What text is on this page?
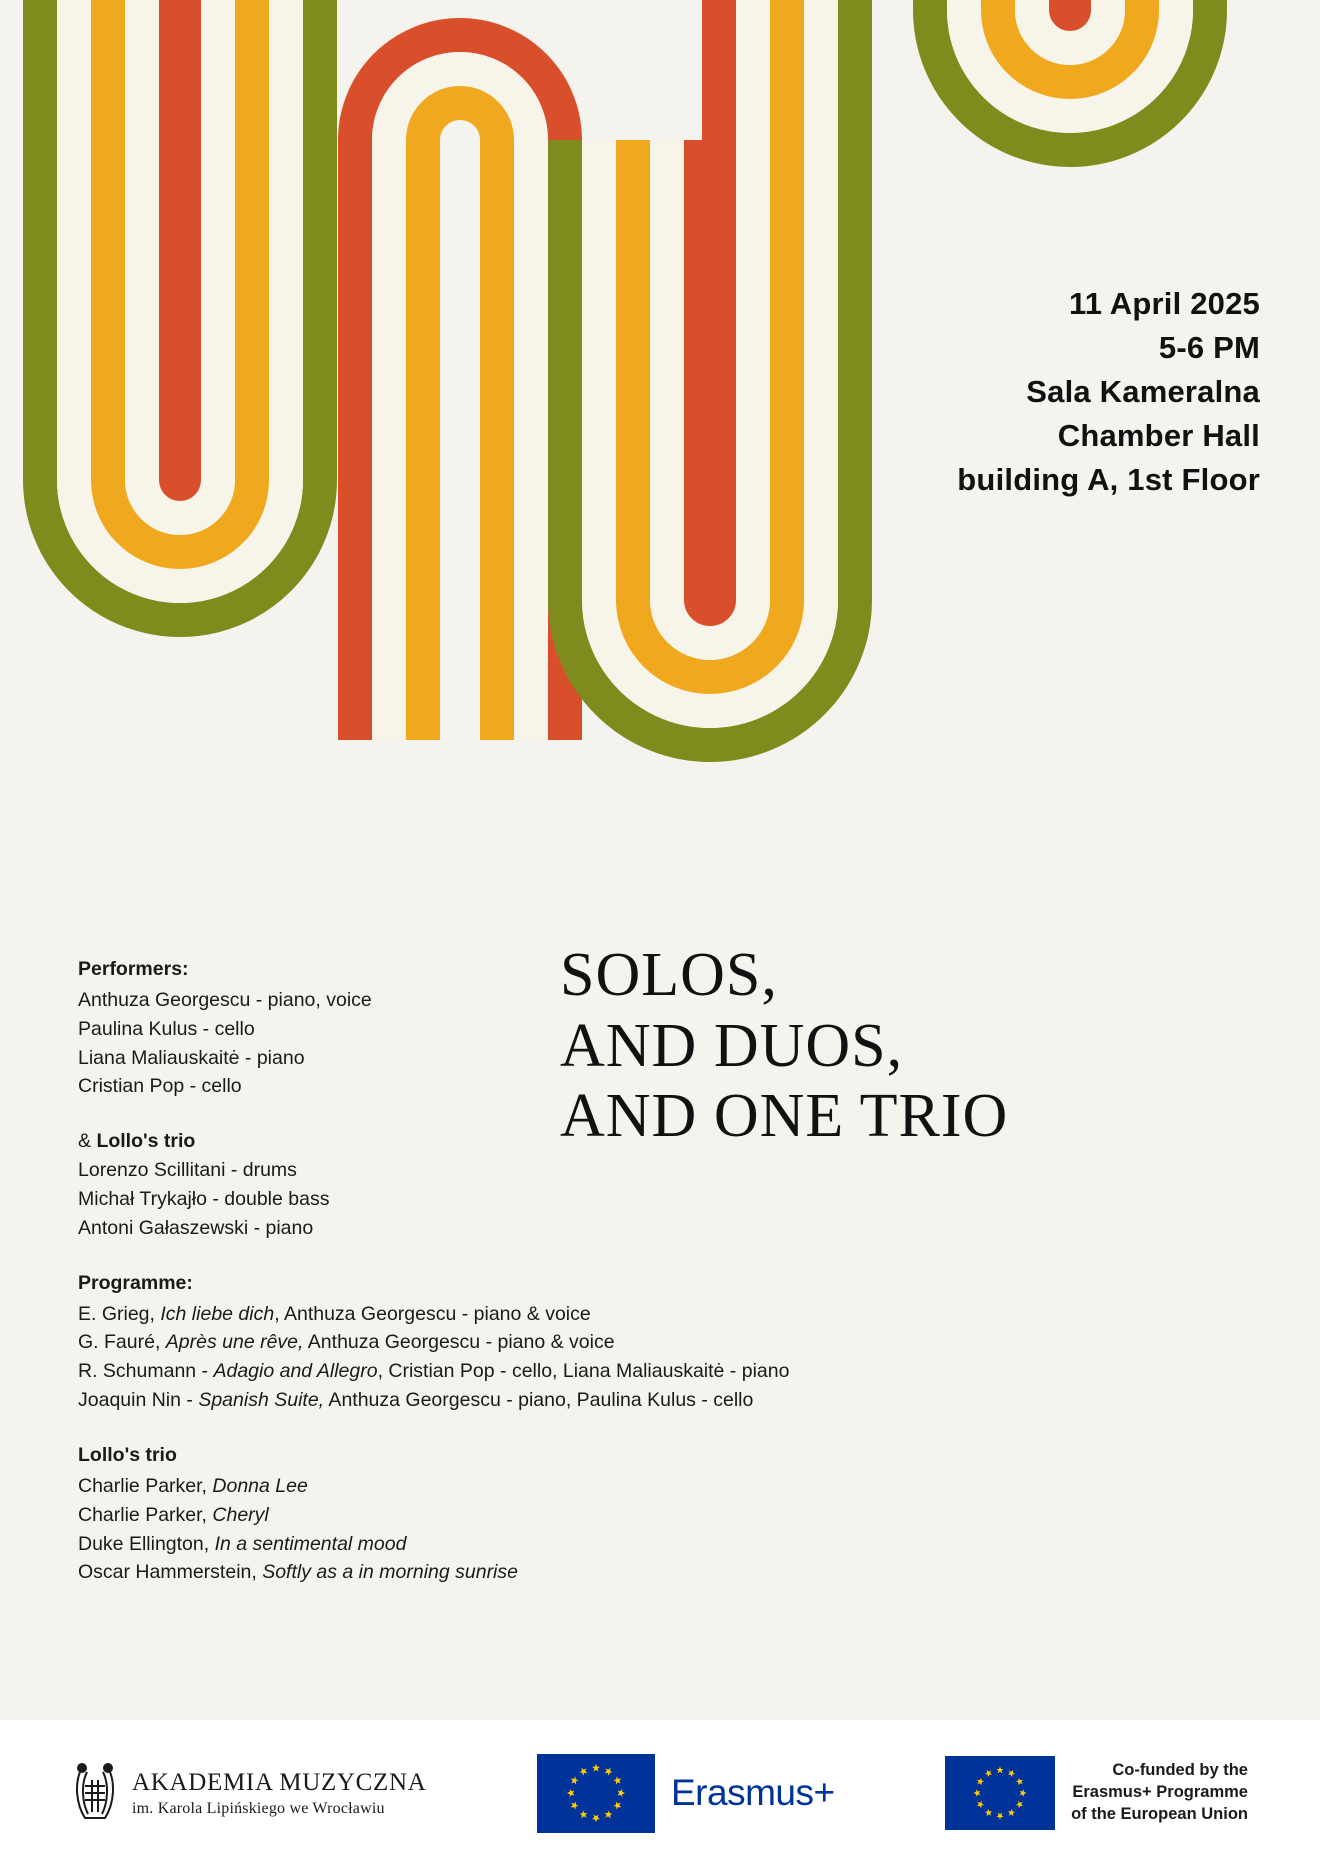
11 April 2025
5-6 PM
Sala Kameralna
Chamber Hall
building A, 1st Floor
SOLOS,
AND DUOS,
AND ONE TRIO
Performers:
Anthuza Georgescu - piano, voice
Paulina Kulus - cello
Liana Maliauskaitė - piano
Cristian Pop - cello
& Lollo's trio
Lorenzo Scillitani - drums
Michał Trykajło - double bass
Antoni Gałaszewski - piano
Programme:
E. Grieg, Ich liebe dich, Anthuza Georgescu - piano & voice
G. Fauré, Après une rêve, Anthuza Georgescu - piano & voice
R. Schumann - Adagio and Allegro, Cristian Pop - cello, Liana Maliauskaitė - piano
Joaquin Nin - Spanish Suite, Anthuza Georgescu - piano, Paulina Kulus - cello
Lollo's trio
Charlie Parker, Donna Lee
Charlie Parker, Cheryl
Duke Ellington, In a sentimental mood
Oscar Hammerstein, Softly as a in morning sunrise
AKADEMIA MUZYCZNA
im. Karola Lipińskiego we Wrocławiu	Erasmus+
Co-funded by the
Erasmus+ Programme
of the European Union
